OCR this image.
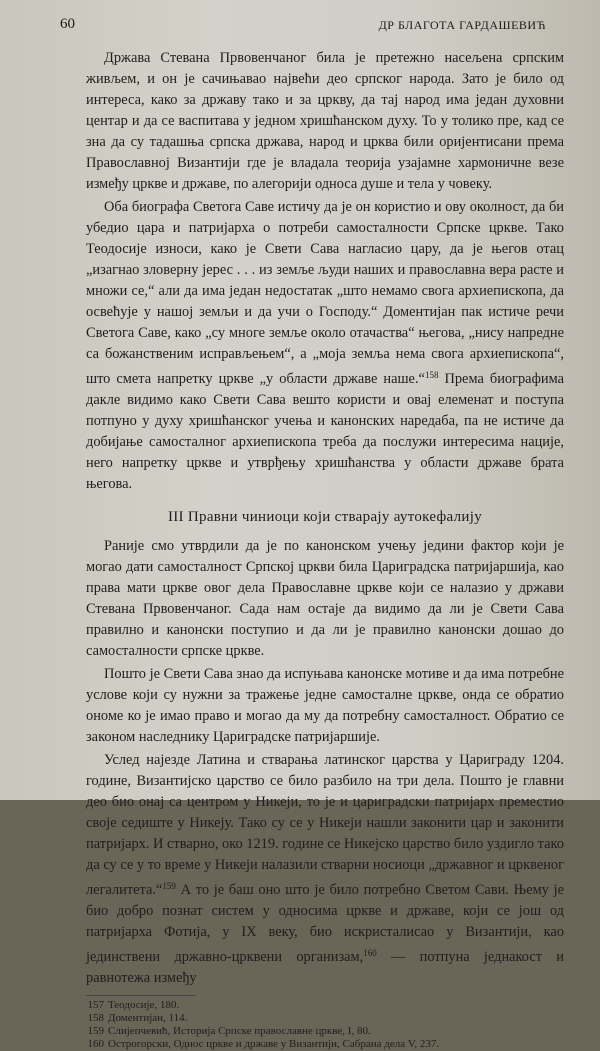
60	ДР БЛАГОТА ГАРДАШЕВИЋ

Држава Стевана Првовенчаног била је претежно насељена српским живљем, и он је сачињавао највећи део српског народа. Зато је било од интереса, како за државу тако и за цркву, да тај народ има један духовни центар и да се васпитава у једном хришћанском духу. То у толико пре, кад се зна да су тадашња српска држава, народ и црква били оријентисани према Православној Византији где је владала теорија узајамне хармоничне везе између цркве и државе, по алегорији односа душе и тела у човеку.

Оба биографа Светога Саве истичу да је он користио и ову околност, да би убедио цара и патријарха о потреби самосталности Српске цркве. Тако Теодосије износи, како је Свети Сава нагласио цару, да је његов отац „изагнао зловерну јерес . . . из земље људи наших и православна вера расте и множи се,“ али да има један недостатак „што немамо свога архиепископа, да освећује у нашој земљи и да учи о Господу.“ Доментијан пак истиче речи Светога Саве, како „су многе земље около отачаства“ његова, „нису напредне са божанственим исправљењем“, а „моја земља нема свога архиепископа“, што смета напретку цркве „у области државе наше.“$^{158}$ Према биографима дакле видимо како Свети Сава вешто користи и овај елеменат и поступа потпуно у духу хришћанског учења и канонских наредаба, па не истиче да добијање самосталног архиепископа треба да послужи интересима нације, него напретку цркве и утврђењу хришћанства у области државе брата његова.

III Правни чиниоци који стварају аутокефалију

Раније смо утврдили да је по канонском учењу једини фактор који је могао дати самосталност Српској цркви била Цариградска патријаршија, као права мати цркве овог дела Православне цркве који се налазио у држави Стевана Првовенчаног. Сада нам остаје да видимо да ли је Свети Сава правилно и канонски поступио и да ли је правилно канонски дошао до самосталности српске цркве.

Пошто је Свети Сава знао да испуњава канонске мотиве и да има потребне услове који су нужни за тражење једне самосталне цркве, онда се обратио ономе ко је имао право и могао да му да потребну самосталност. Обратио се законом наследнику Цариградске патријаршије.

Услед најезде Латина и стварања латинског царства у Цариграду 1204. године, Византијско царство се било разбило на три дела. Пошто је главни део био онај са центром у Никеји, то је и цариградски патријарх преместио своје седиште у Никеју. Тако су се у Никеји нашли законити цар и законити патријарх. И стварно, око 1219. године се Никејско царство било уздигло тако да су се у то време у Никеји налазили стварни носиоци „државног и црквеног легалитета.“$^{159}$ А то је баш оно што је било потребно Светом Сави. Њему је био добро познат систем у односима цркве и државе, који се још од патријарха Фотија, у IX веку, био искристалисао у Византији, као јединствени државно-црквени организам,$^{160}$ — потпуна једнакост и равнотежа између

157 Теодосије, 180.
158 Доментијан, 114.
159 Слијепчевић, Историја Српске православне цркве, I, 80.
160 Острогорски, Однос цркве и државе у Византији, Сабрана дела V, 237.
